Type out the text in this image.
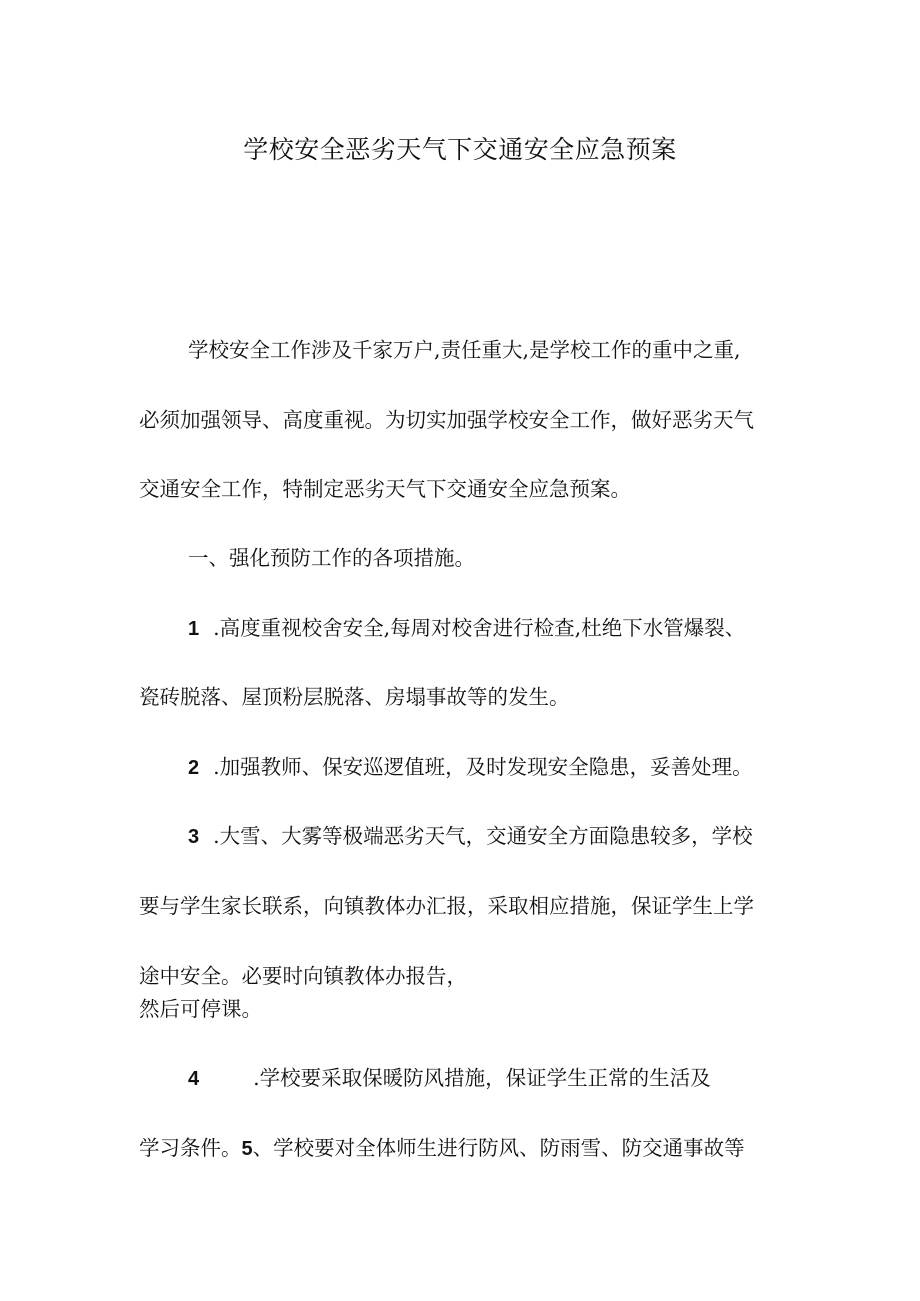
学校安全恶劣天气下交通安全应急预案
学校安全工作涉及千家万户,责任重大,是学校工作的重中之重,
必须加强领导、高度重视。为切实加强学校安全工作，做好恶劣天气
交通安全工作，特制定恶劣天气下交通安全应急预案。
一、强化预防工作的各项措施。
1 .高度重视校舍安全,每周对校舍进行检查,杜绝下水管爆裂、
瓷砖脱落、屋顶粉层脱落、房塌事故等的发生。
2 .加强教师、保安巡逻值班，及时发现安全隐患，妥善处理。
3 .大雪、大雾等极端恶劣天气，交通安全方面隐患较多，学校
要与学生家长联系，向镇教体办汇报，采取相应措施，保证学生上学
途中安全。必要时向镇教体办报告，
然后可停课。
4	.学校要采取保暖防风措施，保证学生正常的生活及
学习条件。5、学校要对全体师生进行防风、防雨雪、防交通事故等
